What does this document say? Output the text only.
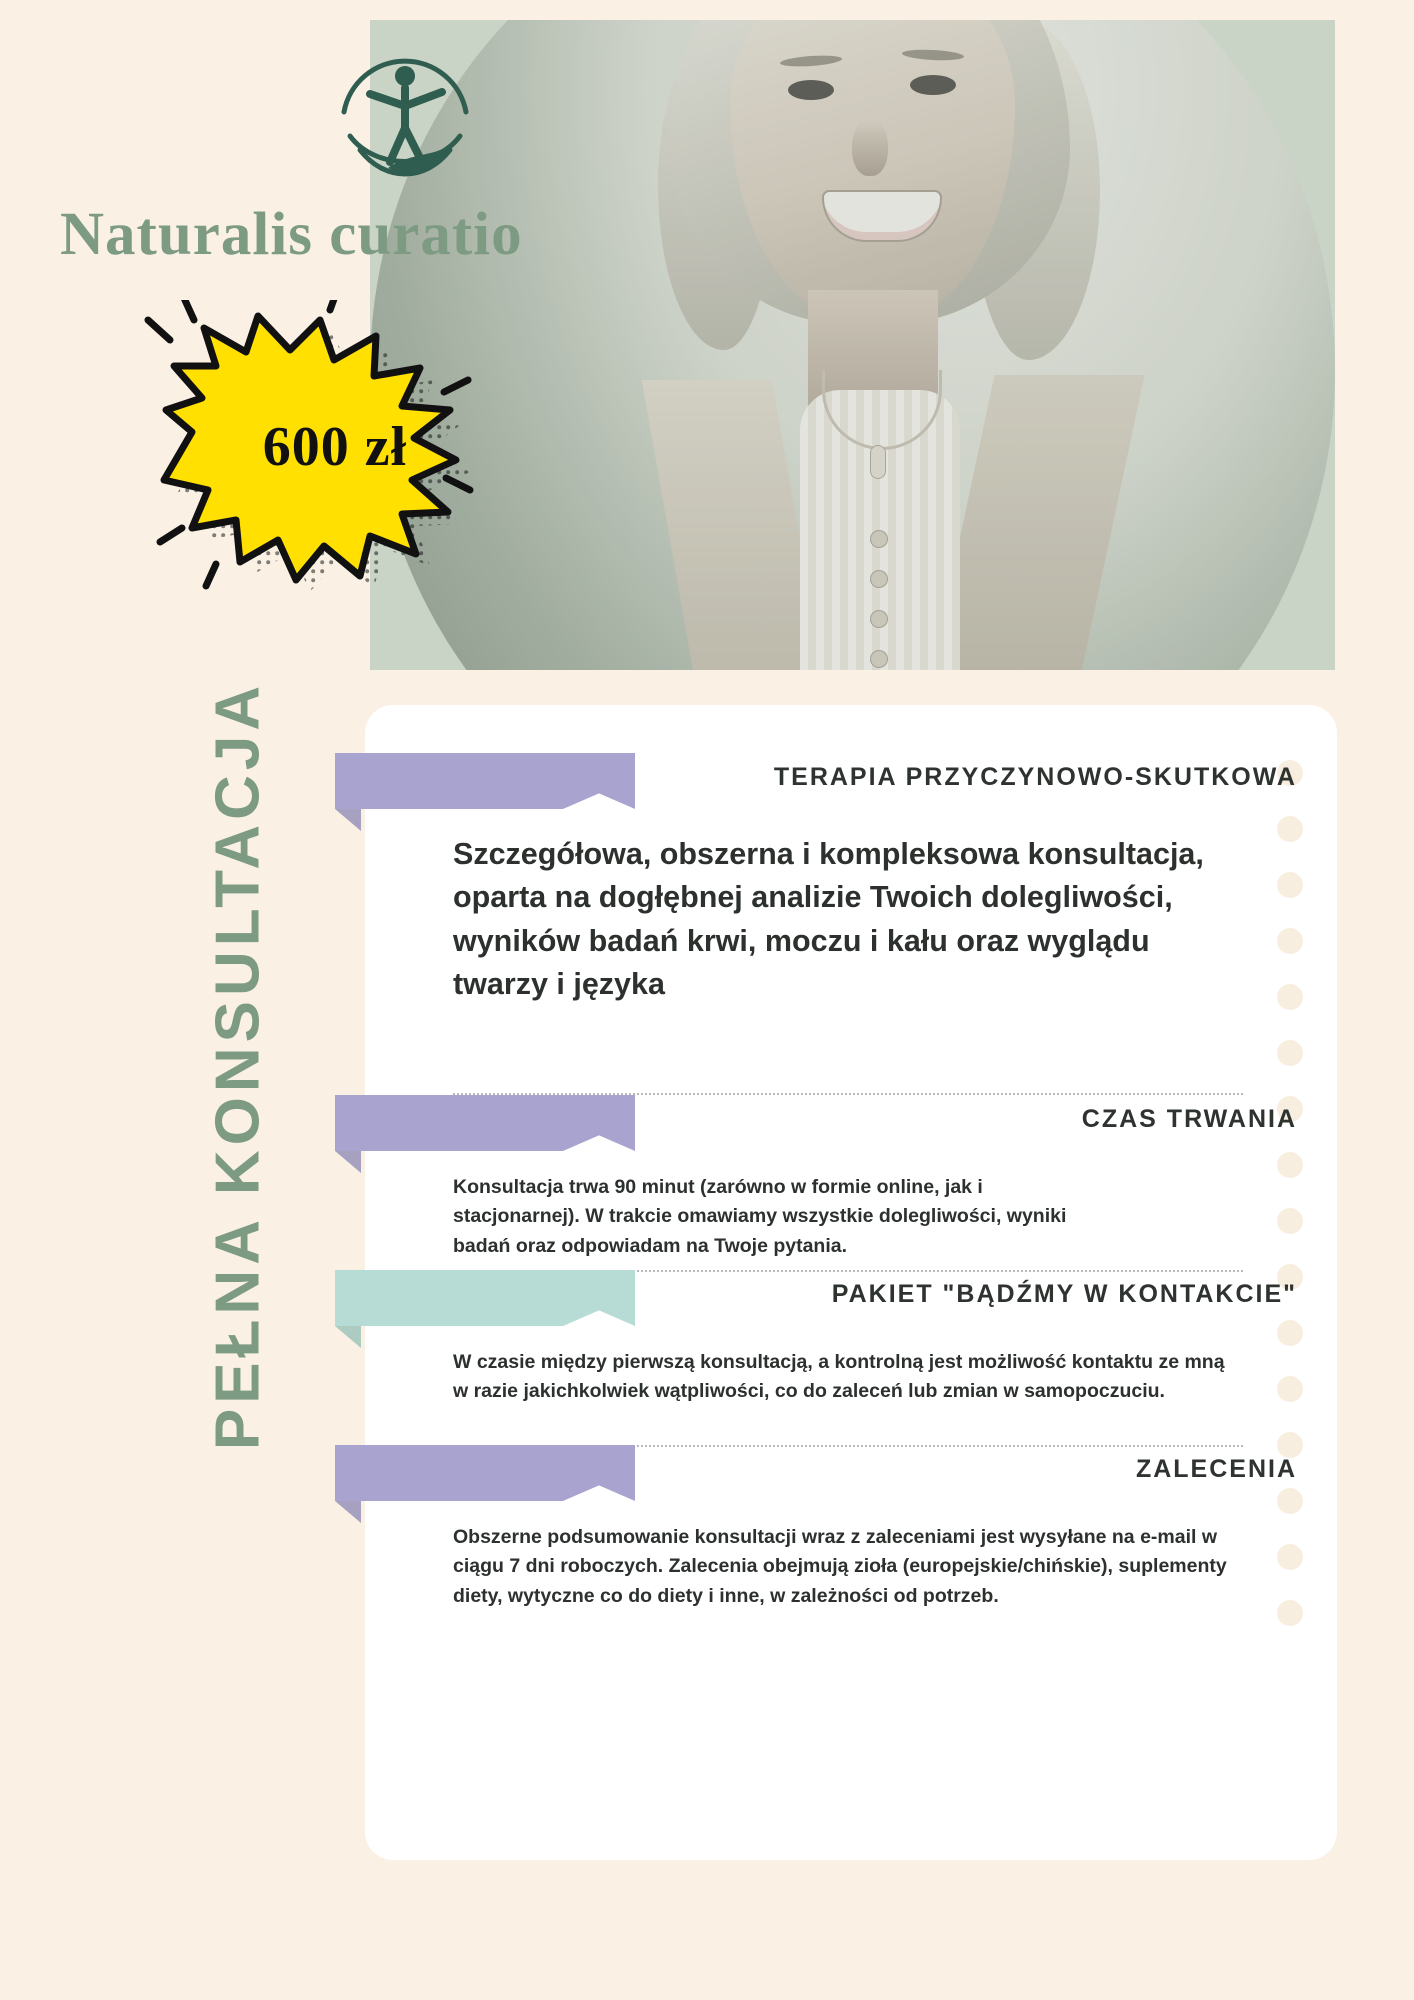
Naturalis curatio
600 zł
PEŁNA KONSULTACJA	TERAPIA PRZYCZYNOWO-SKUTKOWA
Szczegółowa, obszerna i kompleksowa konsultacja, oparta na dogłębnej analizie Twoich dolegliwości, wyników badań krwi, moczu i kału oraz wyglądu twarzy i języka
CZAS TRWANIA
Konsultacja trwa 90 minut (zarówno w formie online, jak i stacjonarnej). W trakcie omawiamy wszystkie dolegliwości, wyniki badań oraz odpowiadam na Twoje pytania.
PAKIET "BĄDŹMY W KONTAKCIE"
W czasie między pierwszą konsultacją, a kontrolną jest możliwość kontaktu ze mną w razie jakichkolwiek wątpliwości, co do zaleceń lub zmian w samopoczuciu.
ZALECENIA
Obszerne podsumowanie konsultacji wraz z zaleceniami jest wysyłane na e-mail w ciągu 7 dni roboczych. Zalecenia obejmują zioła (europejskie/chińskie), suplementy diety, wytyczne co do diety i inne, w zależności od potrzeb.
